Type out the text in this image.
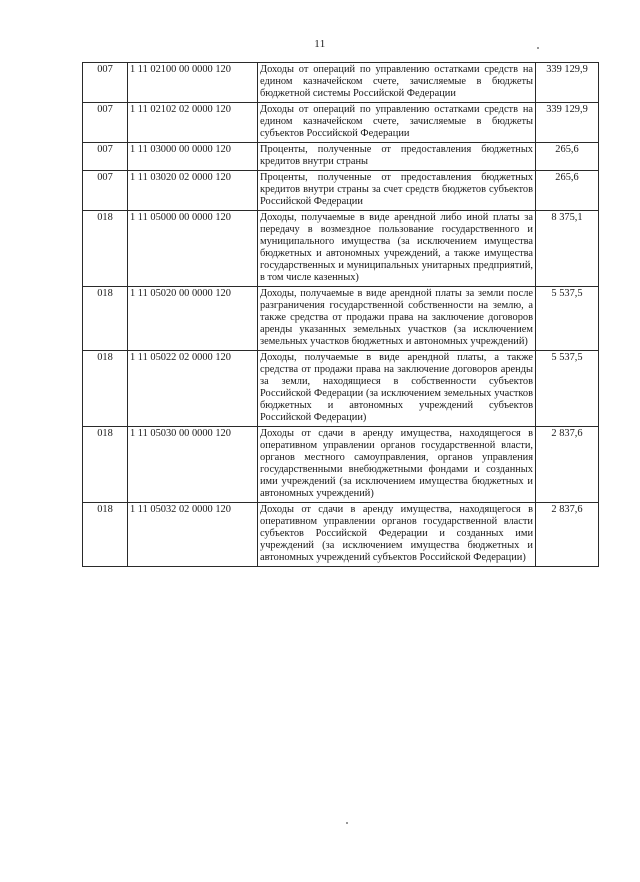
11
007	1 11 02100 00 0000 120	Доходы от операций по управлению остатками средств на едином казначейском счете, зачисляемые в бюджеты бюджетной системы Российской Федерации	339 129,9
007	1 11 02102 02 0000 120	Доходы от операций по управлению остатками средств на едином казначейском счете, зачисляемые в бюджеты субъектов Российской Федерации	339 129,9
007	1 11 03000 00 0000 120	Проценты, полученные от предоставления бюджетных кредитов внутри страны	265,6
007	1 11 03020 02 0000 120	Проценты, полученные от предоставления бюджетных кредитов внутри страны за счет средств бюджетов субъектов Российской Федерации	265,6
018	1 11 05000 00 0000 120	Доходы, получаемые в виде арендной либо иной платы за передачу в возмездное пользование государственного и муниципального имущества (за исключением имущества бюджетных и автономных учреждений, а также имущества государственных и муниципальных унитарных предприятий, в том числе казенных)	8 375,1
018	1 11 05020 00 0000 120	Доходы, получаемые в виде арендной платы за земли после разграничения государственной собственности на землю, а также средства от продажи права на заключение договоров аренды указанных земельных участков (за исключением земельных участков бюджетных и автономных учреждений)	5 537,5
018	1 11 05022 02 0000 120	Доходы, получаемые в виде арендной платы, а также средства от продажи права на заключение договоров аренды за земли, находящиеся в собственности субъектов Российской Федерации (за исключением земельных участков бюджетных и автономных учреждений субъектов Российской Федерации)	5 537,5
018	1 11 05030 00 0000 120	Доходы от сдачи в аренду имущества, находящегося в оперативном управлении органов государственной власти, органов местного самоуправления, органов управления государственными внебюджетными фондами и созданных ими учреждений (за исключением имущества бюджетных и автономных учреждений)	2 837,6
018	1 11 05032 02 0000 120	Доходы от сдачи в аренду имущества, находящегося в оперативном управлении органов государственной власти субъектов Российской Федерации и созданных ими учреждений (за исключением имущества бюджетных и автономных учреждений субъектов Российской Федерации)	2 837,6
